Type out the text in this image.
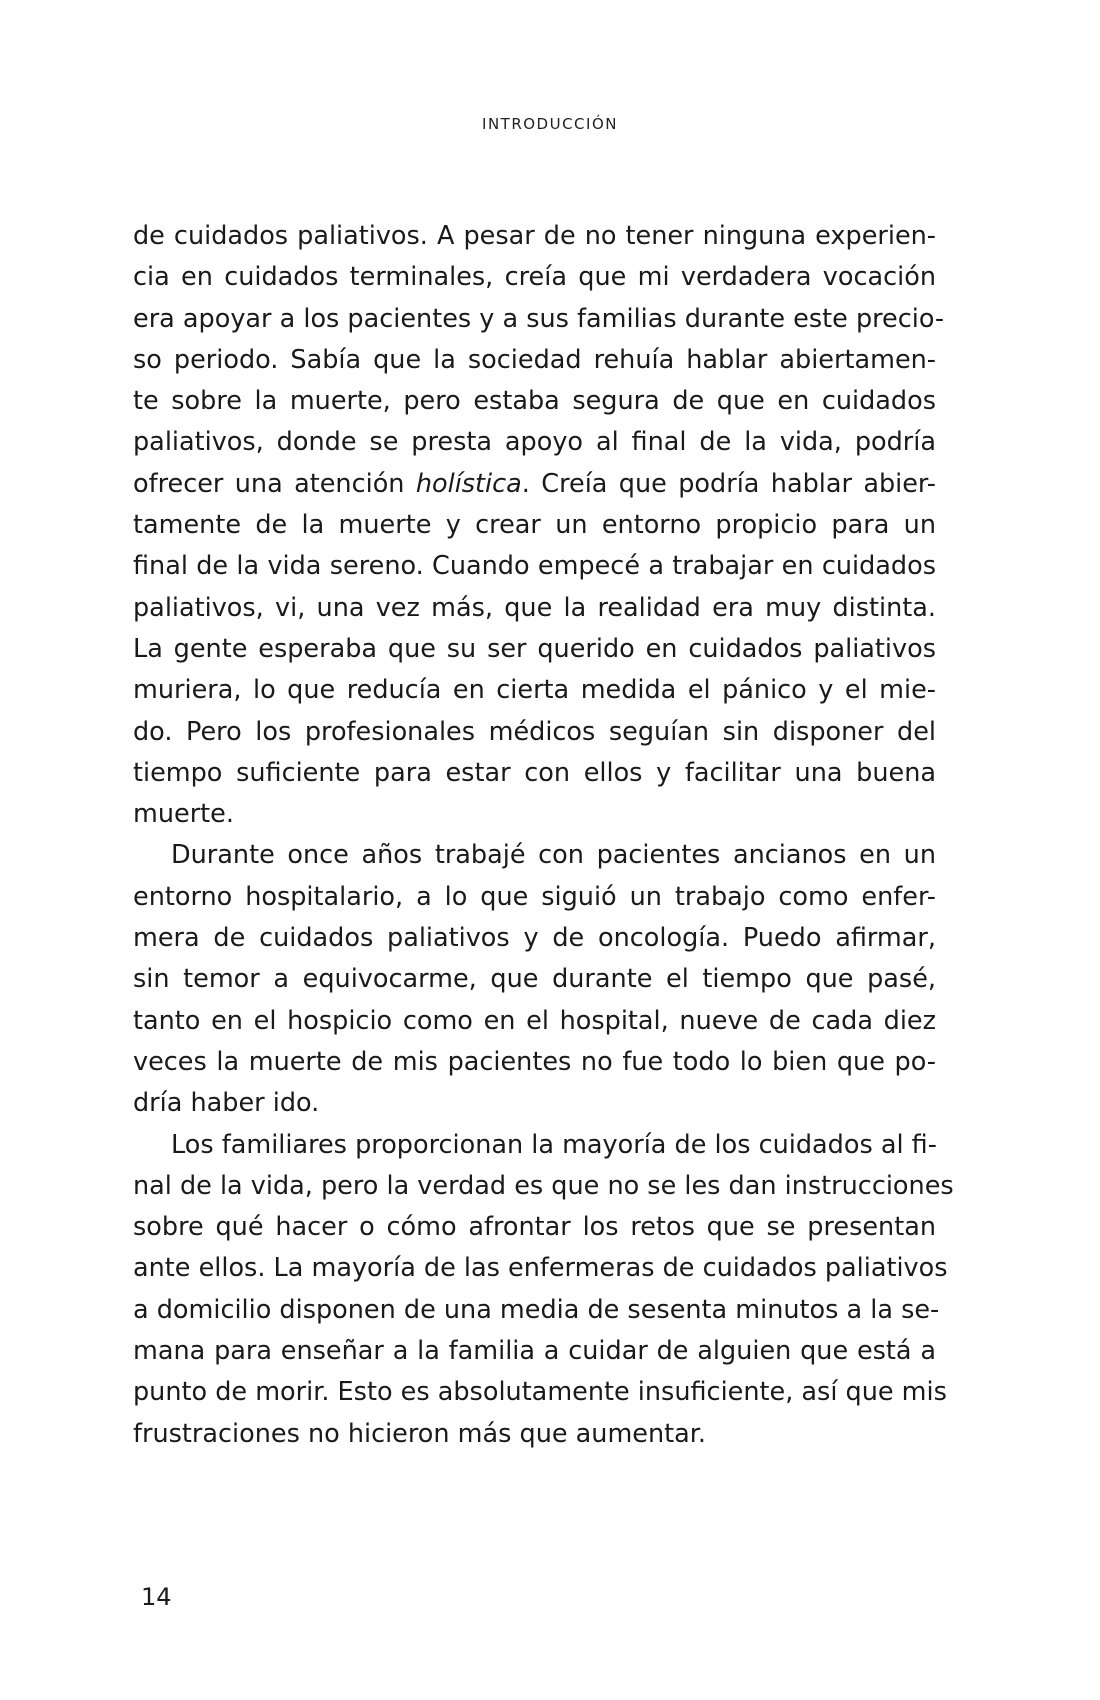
INTRODUCCIÓN
de cuidados paliativos. A pesar de no tener ninguna experien-
cia en cuidados terminales, creía que mi verdadera vocación
era apoyar a los pacientes y a sus familias durante este precio-
so periodo. Sabía que la sociedad rehuía hablar abiertamen-
te sobre la muerte, pero estaba segura de que en cuidados
paliativos, donde se presta apoyo al final de la vida, podría
ofrecer una atención holística. Creía que podría hablar abier-
tamente de la muerte y crear un entorno propicio para un
final de la vida sereno. Cuando empecé a trabajar en cuidados
paliativos, vi, una vez más, que la realidad era muy distinta.
La gente esperaba que su ser querido en cuidados paliativos
muriera, lo que reducía en cierta medida el pánico y el mie-
do. Pero los profesionales médicos seguían sin disponer del
tiempo suficiente para estar con ellos y facilitar una buena
muerte.
Durante once años trabajé con pacientes ancianos en un
entorno hospitalario, a lo que siguió un trabajo como enfer-
mera de cuidados paliativos y de oncología. Puedo afirmar,
sin temor a equivocarme, que durante el tiempo que pasé,
tanto en el hospicio como en el hospital, nueve de cada diez
veces la muerte de mis pacientes no fue todo lo bien que po-
dría haber ido.
Los familiares proporcionan la mayoría de los cuidados al fi-
nal de la vida, pero la verdad es que no se les dan instrucciones
sobre qué hacer o cómo afrontar los retos que se presentan
ante ellos. La mayoría de las enfermeras de cuidados paliativos
a domicilio disponen de una media de sesenta minutos a la se-
mana para enseñar a la familia a cuidar de alguien que está a
punto de morir. Esto es absolutamente insuficiente, así que mis
frustraciones no hicieron más que aumentar.
14
